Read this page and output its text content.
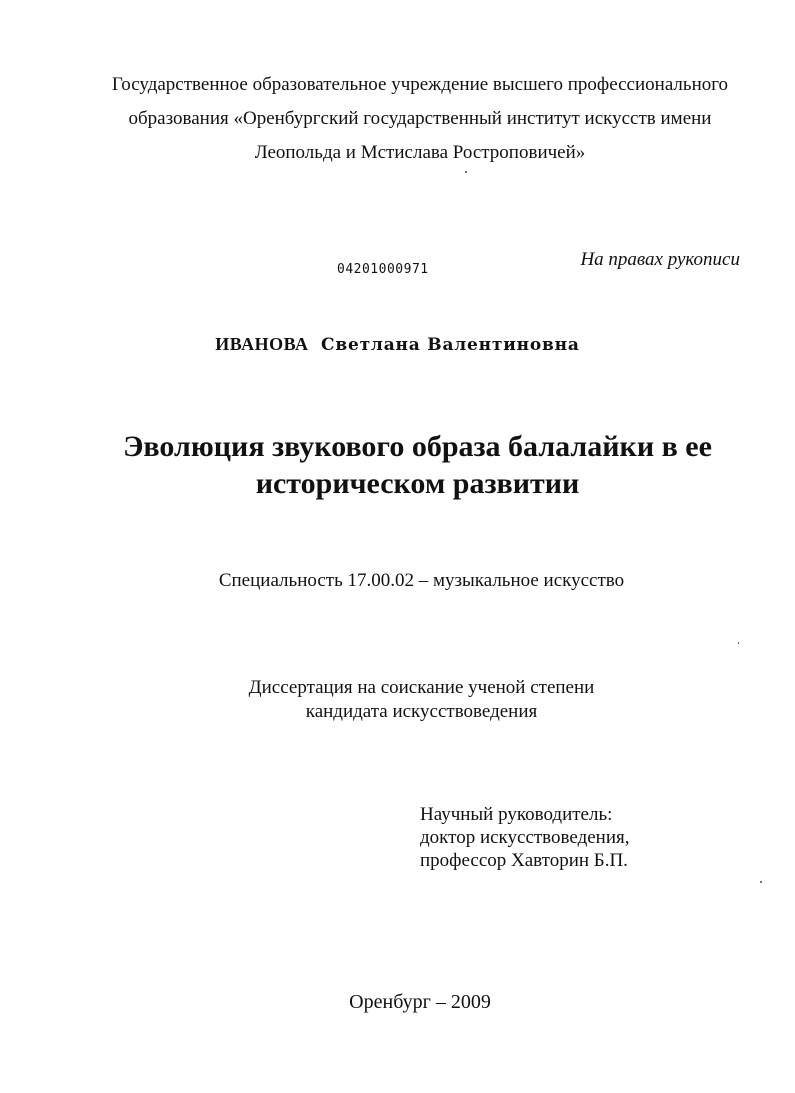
Государственное образовательное учреждение высшего профессионального
образования «Оренбургский государственный институт искусств имени
Леопольда и Мстислава Ростроповичей»
04201000971	На правах рукописи
ИВАНОВА Светлана Валентиновна
Эволюция звукового образа балалайки в ее
историческом развитии
Специальность 17.00.02 – музыкальное искусство
Диссертация на соискание ученой степени
кандидата искусствоведения
Научный руководитель:
доктор искусствоведения,
профессор Хавторин Б.П.
Оренбург – 2009
